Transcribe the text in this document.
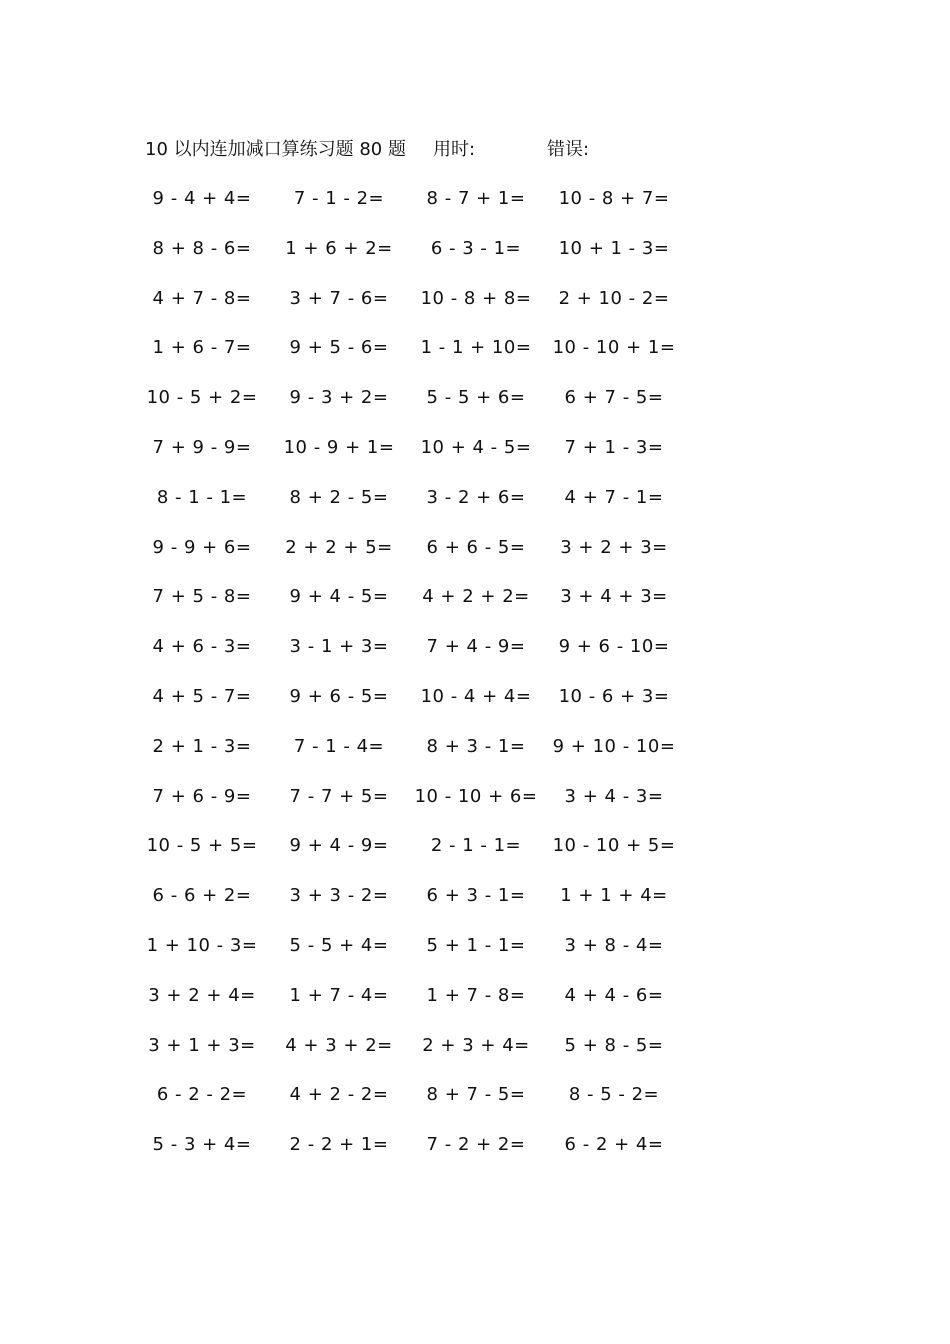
10 以内连加减口算练习题 80 题 用时:	错误:
9 - 4 + 4=	7 - 1 - 2=	8 - 7 + 1=	10 - 8 + 7=
8 + 8 - 6=	1 + 6 + 2=	6 - 3 - 1=	10 + 1 - 3=
4 + 7 - 8=	3 + 7 - 6=	10 - 8 + 8=	2 + 10 - 2=
1 + 6 - 7=	9 + 5 - 6=	1 - 1 + 10=	10 - 10 + 1=
10 - 5 + 2=	9 - 3 + 2=	5 - 5 + 6=	6 + 7 - 5=
7 + 9 - 9=	10 - 9 + 1=	10 + 4 - 5=	7 + 1 - 3=
8 - 1 - 1=	8 + 2 - 5=	3 - 2 + 6=	4 + 7 - 1=
9 - 9 + 6=	2 + 2 + 5=	6 + 6 - 5=	3 + 2 + 3=
7 + 5 - 8=	9 + 4 - 5=	4 + 2 + 2=	3 + 4 + 3=
4 + 6 - 3=	3 - 1 + 3=	7 + 4 - 9=	9 + 6 - 10=
4 + 5 - 7=	9 + 6 - 5=	10 - 4 + 4=	10 - 6 + 3=
2 + 1 - 3=	7 - 1 - 4=	8 + 3 - 1=	9 + 10 - 10=
7 + 6 - 9=	7 - 7 + 5=	10 - 10 + 6=	3 + 4 - 3=
10 - 5 + 5=	9 + 4 - 9=	2 - 1 - 1=	10 - 10 + 5=
6 - 6 + 2=	3 + 3 - 2=	6 + 3 - 1=	1 + 1 + 4=
1 + 10 - 3=	5 - 5 + 4=	5 + 1 - 1=	3 + 8 - 4=
3 + 2 + 4=	1 + 7 - 4=	1 + 7 - 8=	4 + 4 - 6=
3 + 1 + 3=	4 + 3 + 2=	2 + 3 + 4=	5 + 8 - 5=
6 - 2 - 2=	4 + 2 - 2=	8 + 7 - 5=	8 - 5 - 2=
5 - 3 + 4=	2 - 2 + 1=	7 - 2 + 2=	6 - 2 + 4=
